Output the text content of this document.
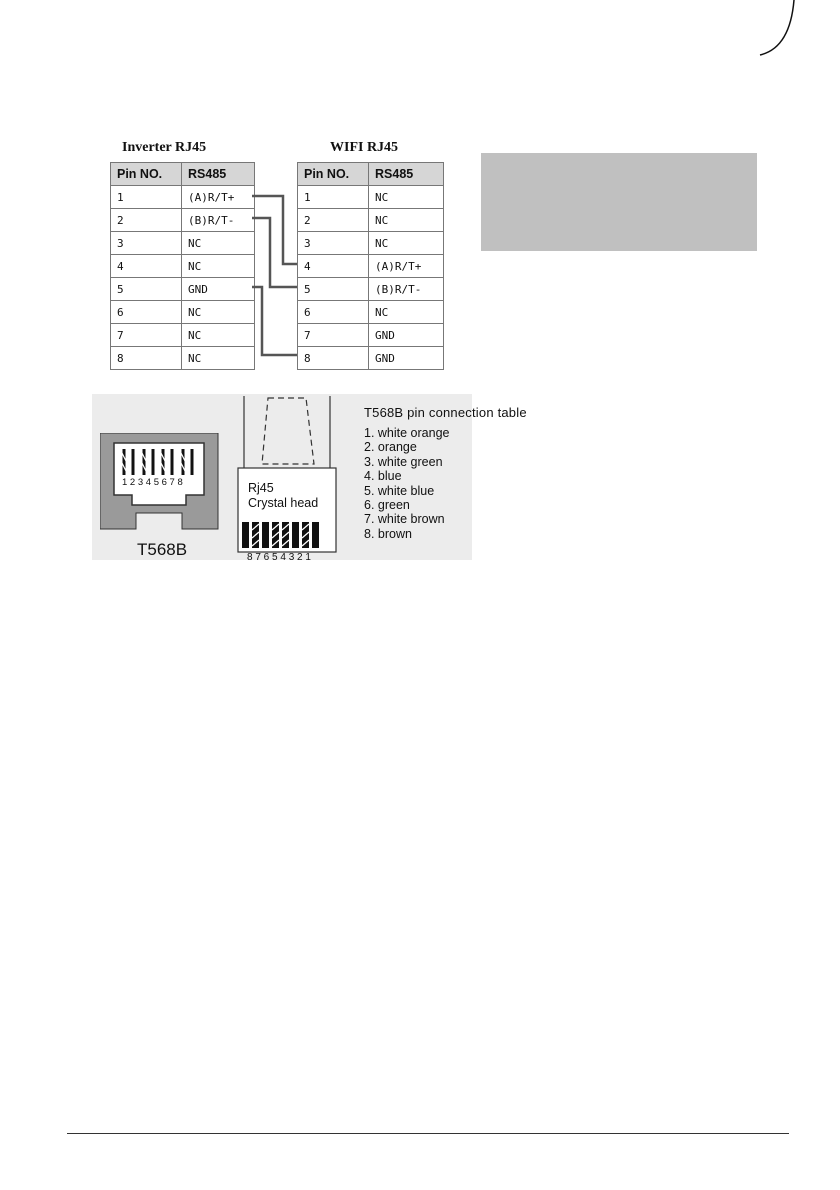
Inverter RJ45	WIFI RJ45
Pin NO.	RS485
1	(A)R/T+
2	(B)R/T-
3	NC
4	NC
5	GND
6	NC
7	NC
8	NC
Pin NO.	RS485
1	NC
2	NC
3	NC
4	(A)R/T+
5	(B)R/T-
6	NC
7	GND
8	GND
1 2 3 4 5 6 7 8
T568B
Rj45
Crystal head
8 7 6 5 4 3 2 1
T568B pin connection table
1. white orange
2. orange
3. white green
4. blue
5. white blue
6. green
7. white brown
8. brown
